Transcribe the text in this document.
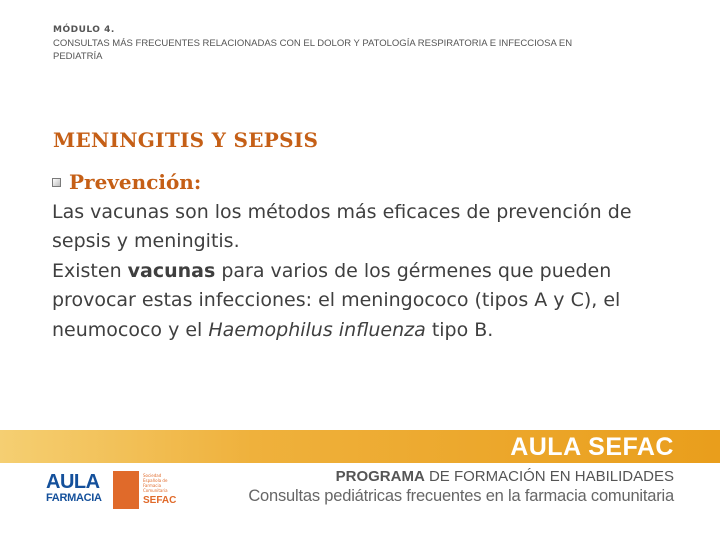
MÓDULO 4.
CONSULTAS MÁS FRECUENTES RELACIONADAS CON EL DOLOR Y PATOLOGÍA RESPIRATORIA E INFECCIOSA EN PEDIATRÍA
MENINGITIS Y SEPSIS
Prevención:
Las vacunas son los métodos más eficaces de prevención de sepsis y meningitis.
Existen vacunas para varios de los gérmenes que pueden provocar estas infecciones: el meningococo (tipos A y C), el neumococo y el Haemophilus influenza tipo B.
AULA SEFAC
AULA
FARMACIA
Sociedad Española de Farmacia Comunitaria
SEFAC
PROGRAMA DE FORMACIÓN EN HABILIDADES
Consultas pediátricas frecuentes en la farmacia comunitaria
